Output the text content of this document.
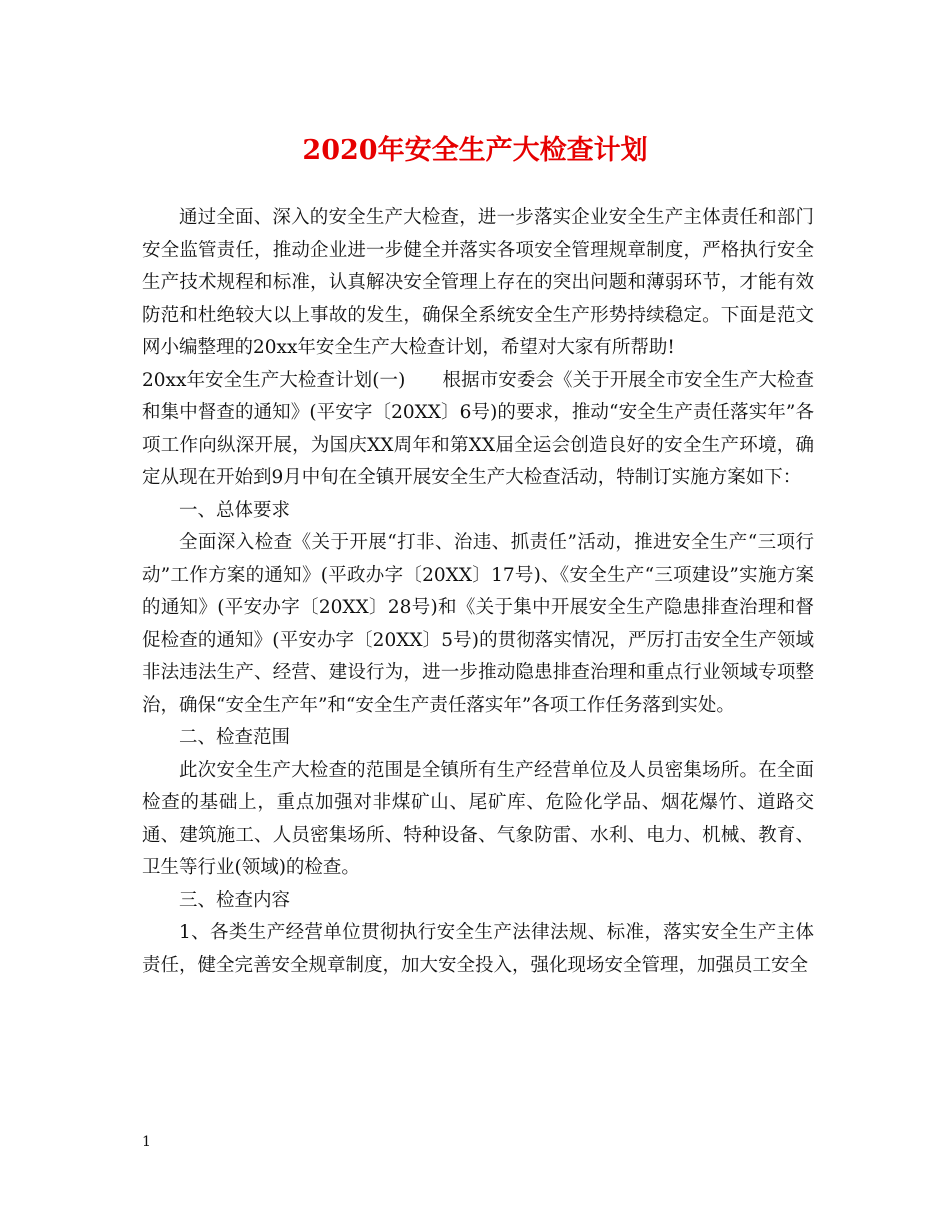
2020年安全生产大检查计划

通过全面、深入的安全生产大检查，进一步落实企业安全生产主体责任和部门安全监管责任，推动企业进一步健全并落实各项安全管理规章制度，严格执行安全生产技术规程和标准，认真解决安全管理上存在的突出问题和薄弱环节，才能有效防范和杜绝较大以上事故的发生，确保全系统安全生产形势持续稳定。下面是范文网小编整理的20xx年安全生产大检查计划，希望对大家有所帮助!

20xx年安全生产大检查计划(一)　　根据市安委会《关于开展全市安全生产大检查和集中督查的通知》(平安字〔20XX〕6号)的要求，推动“安全生产责任落实年”各项工作向纵深开展，为国庆XX周年和第XX届全运会创造良好的安全生产环境，确定从现在开始到9月中旬在全镇开展安全生产大检查活动，特制订实施方案如下：

一、总体要求

全面深入检查《关于开展“打非、治违、抓责任”活动，推进安全生产“三项行动”工作方案的通知》(平政办字〔20XX〕17号)、《安全生产“三项建设”实施方案的通知》(平安办字〔20XX〕28号)和《关于集中开展安全生产隐患排查治理和督促检查的通知》(平安办字〔20XX〕5号)的贯彻落实情况，严厉打击安全生产领域非法违法生产、经营、建设行为，进一步推动隐患排查治理和重点行业领域专项整治，确保“安全生产年”和“安全生产责任落实年”各项工作任务落到实处。

二、检查范围

此次安全生产大检查的范围是全镇所有生产经营单位及人员密集场所。在全面检查的基础上，重点加强对非煤矿山、尾矿库、危险化学品、烟花爆竹、道路交通、建筑施工、人员密集场所、特种设备、气象防雷、水利、电力、机械、教育、卫生等行业(领域)的检查。

三、检查内容

1、各类生产经营单位贯彻执行安全生产法律法规、标准，落实安全生产主体责任，健全完善安全规章制度，加大安全投入，强化现场安全管理，加强员工安全

1
